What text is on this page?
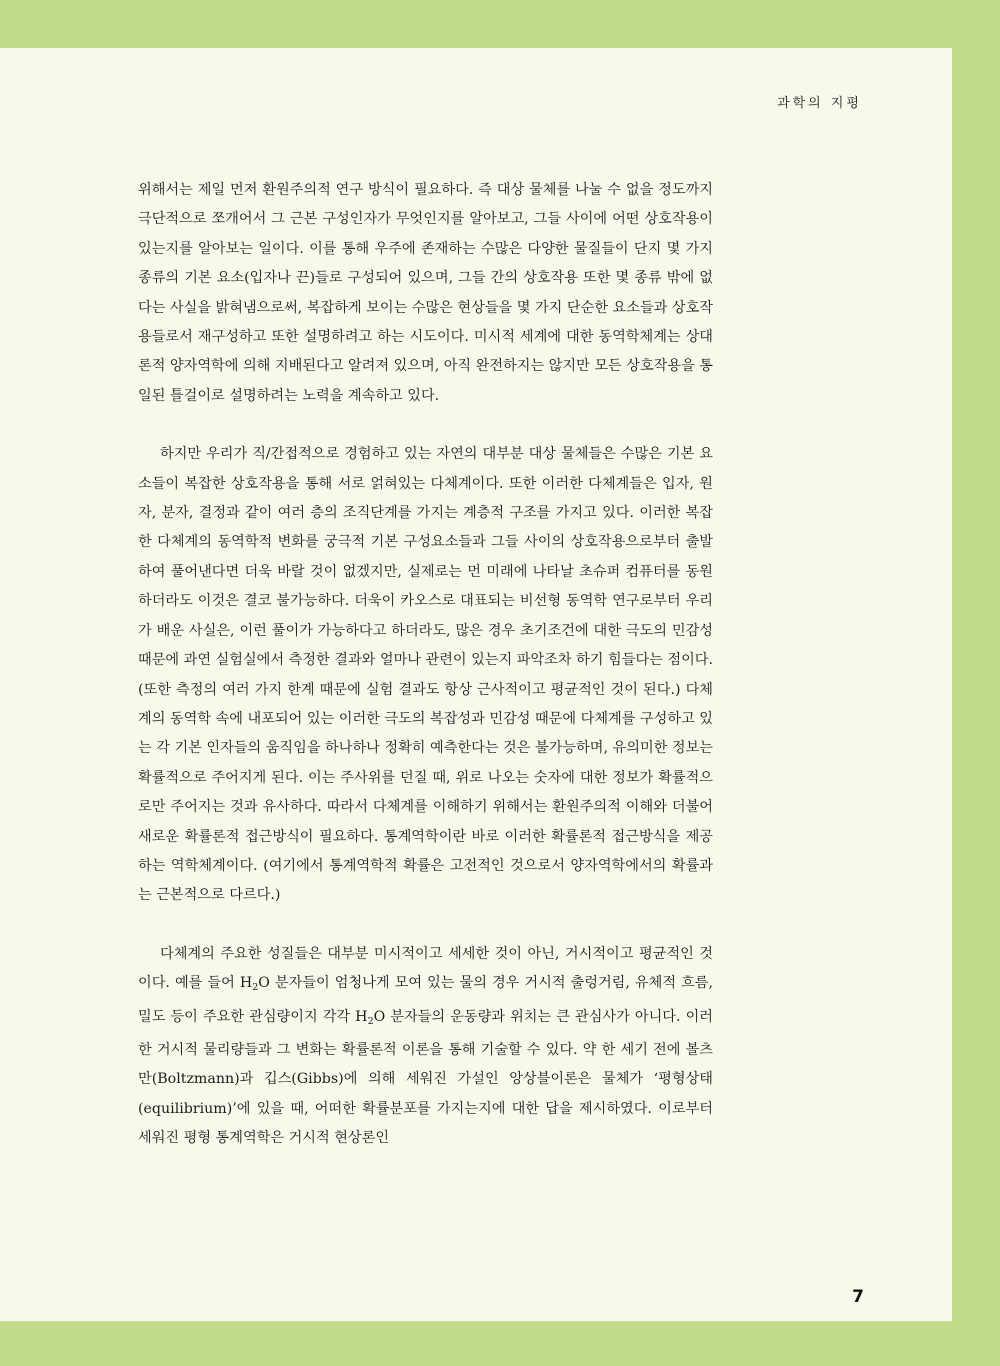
과학의 지평

위해서는 제일 먼저 환원주의적 연구 방식이 필요하다. 즉 대상 물체를 나눌 수 없을 정도까지 극단적으로 쪼개어서 그 근본 구성인자가 무엇인지를 알아보고, 그들 사이에 어떤 상호작용이 있는지를 알아보는 일이다. 이를 통해 우주에 존재하는 수많은 다양한 물질들이 단지 몇 가지 종류의 기본 요소(입자나 끈)들로 구성되어 있으며, 그들 간의 상호작용 또한 몇 종류 밖에 없다는 사실을 밝혀냄으로써, 복잡하게 보이는 수많은 현상들을 몇 가지 단순한 요소들과 상호작용들로서 재구성하고 또한 설명하려고 하는 시도이다. 미시적 세계에 대한 동역학체계는 상대론적 양자역학에 의해 지배된다고 알려져 있으며, 아직 완전하지는 않지만 모든 상호작용을 통일된 틀걸이로 설명하려는 노력을 계속하고 있다.

하지만 우리가 직/간접적으로 경험하고 있는 자연의 대부분 대상 물체들은 수많은 기본 요소들이 복잡한 상호작용을 통해 서로 얽혀있는 다체계이다. 또한 이러한 다체계들은 입자, 원자, 분자, 결정과 같이 여러 층의 조직단계를 가지는 계층적 구조를 가지고 있다. 이러한 복잡한 다체계의 동역학적 변화를 궁극적 기본 구성요소들과 그들 사이의 상호작용으로부터 출발하여 풀어낸다면 더욱 바랄 것이 없겠지만, 실제로는 먼 미래에 나타날 초슈퍼 컴퓨터를 동원하더라도 이것은 결코 불가능하다. 더욱이 카오스로 대표되는 비선형 동역학 연구로부터 우리가 배운 사실은, 이런 풀이가 가능하다고 하더라도, 많은 경우 초기조건에 대한 극도의 민감성 때문에 과연 실험실에서 측정한 결과와 얼마나 관련이 있는지 파악조차 하기 힘들다는 점이다. (또한 측정의 여러 가지 한계 때문에 실험 결과도 항상 근사적이고 평균적인 것이 된다.) 다체계의 동역학 속에 내포되어 있는 이러한 극도의 복잡성과 민감성 때문에 다체계를 구성하고 있는 각 기본 인자들의 움직임을 하나하나 정확히 예측한다는 것은 불가능하며, 유의미한 정보는 확률적으로 주어지게 된다. 이는 주사위를 던질 때, 위로 나오는 숫자에 대한 정보가 확률적으로만 주어지는 것과 유사하다. 따라서 다체계를 이해하기 위해서는 환원주의적 이해와 더불어 새로운 확률론적 접근방식이 필요하다. 통계역학이란 바로 이러한 확률론적 접근방식을 제공하는 역학체계이다. (여기에서 통계역학적 확률은 고전적인 것으로서 양자역학에서의 확률과는 근본적으로 다르다.)

다체계의 주요한 성질들은 대부분 미시적이고 세세한 것이 아닌, 거시적이고 평균적인 것이다. 예를 들어 $H_2O$ 분자들이 엄청나게 모여 있는 물의 경우 거시적 출렁거림, 유체적 흐름, 밀도 등이 주요한 관심량이지 각각 $H_2O$ 분자들의 운동량과 위치는 큰 관심사가 아니다. 이러한 거시적 물리량들과 그 변화는 확률론적 이론을 통해 기술할 수 있다. 약 한 세기 전에 볼츠만(Boltzmann)과 깁스(Gibbs)에 의해 세워진 가설인 앙상블이론은 물체가 ‘평형상태(equilibrium)’에 있을 때, 어떠한 확률분포를 가지는지에 대한 답을 제시하였다. 이로부터 세워진 평형 통계역학은 거시적 현상론인

7
